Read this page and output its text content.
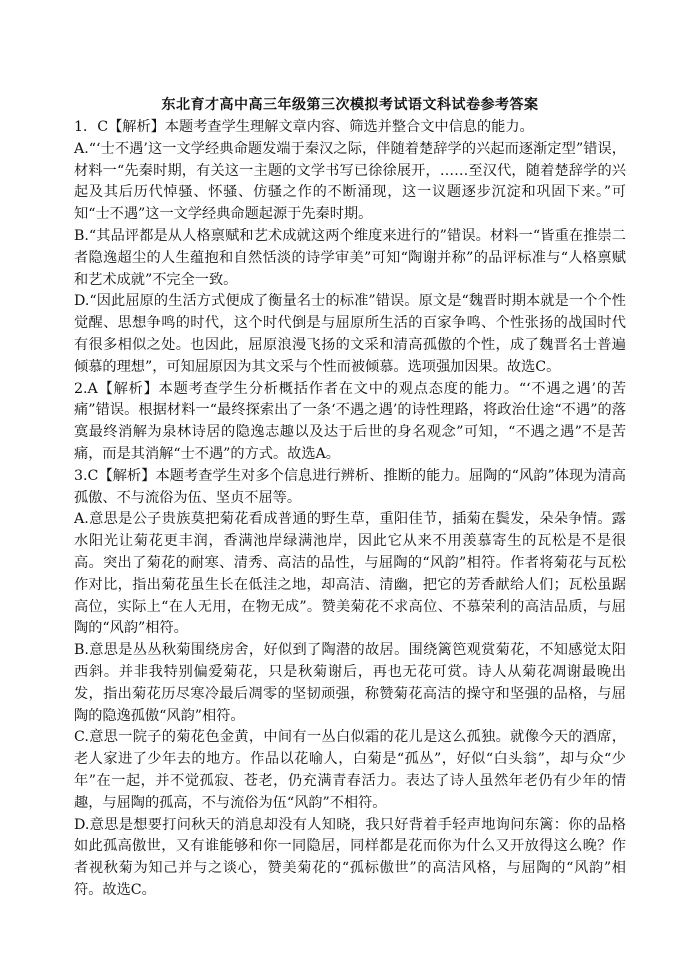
东北育才高中高三年级第三次模拟考试语文科试卷参考答案

1．C【解析】本题考查学生理解文章内容、筛选并整合文中信息的能力。

A.“‘士不遇’这一文学经典命题发端于秦汉之际，伴随着楚辞学的兴起而逐渐定型”错误，材料一“先秦时期，有关这一主题的文学书写已徐徐展开，……至汉代，随着楚辞学的兴起及其后历代悼骚、怀骚、仿骚之作的不断涌现，这一议题逐步沉淀和巩固下来。”可知“士不遇”这一文学经典命题起源于先秦时期。

B.“其品评都是从人格禀赋和艺术成就这两个维度来进行的”错误。材料一“皆重在推崇二者隐逸超尘的人生蕴抱和自然恬淡的诗学审美”可知“陶谢并称”的品评标准与“人格禀赋和艺术成就”不完全一致。

D.“因此屈原的生活方式便成了衡量名士的标准”错误。原文是“魏晋时期本就是一个个性觉醒、思想争鸣的时代，这个时代倒是与屈原所生活的百家争鸣、个性张扬的战国时代有很多相似之处。也因此，屈原浪漫飞扬的文采和清高孤傲的个性，成了魏晋名士普遍倾慕的理想”，可知屈原因为其文采与个性而被倾慕。选项强加因果。故选C。

2.A【解析】本题考查学生分析概括作者在文中的观点态度的能力。“‘不遇之遇’的苦痛”错误。根据材料一“最终探索出了一条‘不遇之遇’的诗性理路，将政治仕途“不遇”的落寞最终消解为泉林诗居的隐逸志趣以及达于后世的身名观念”可知，“不遇之遇”不是苦痛，而是其消解“士不遇”的方式。故选A。

3.C【解析】本题考查学生对多个信息进行辨析、推断的能力。屈陶的“风韵”体现为清高孤傲、不与流俗为伍、坚贞不屈等。

A.意思是公子贵族莫把菊花看成普通的野生草，重阳佳节，插菊在鬓发，朵朵争情。露水阳光让菊花更丰润，香满池岸绿满池岸，因此它从来不用羡慕寄生的瓦松是不是很高。突出了菊花的耐寒、清秀、高洁的品性，与屈陶的“风韵”相符。作者将菊花与瓦松作对比，指出菊花虽生长在低洼之地，却高洁、清幽，把它的芳香献给人们；瓦松虽踞高位，实际上“在人无用，在物无成”。赞美菊花不求高位、不慕荣利的高洁品质，与屈陶的“风韵”相符。

B.意思是丛丛秋菊围绕房舍，好似到了陶潜的故居。围绕篱笆观赏菊花，不知感觉太阳西斜。并非我特别偏爱菊花，只是秋菊谢后，再也无花可赏。诗人从菊花凋谢最晚出发，指出菊花历尽寒冷最后凋零的坚韧顽强，称赞菊花高洁的操守和坚强的品格，与屈陶的隐逸孤傲“风韵”相符。

C.意思一院子的菊花色金黄，中间有一丛白似霜的花儿是这么孤独。就像今天的酒席，老人家进了少年去的地方。作品以花喻人，白菊是“孤丛”，好似“白头翁”，却与众“少年”在一起，并不觉孤寂、苍老，仍充满青春活力。表达了诗人虽然年老仍有少年的情趣，与屈陶的孤高，不与流俗为伍“风韵”不相符。

D.意思是想要打问秋天的消息却没有人知晓，我只好背着手轻声地询问东篱：你的品格如此孤高傲世，又有谁能够和你一同隐居，同样都是花而你为什么又开放得这么晚？作者视秋菊为知己并与之谈心，赞美菊花的“孤标傲世”的高洁风格，与屈陶的“风韵”相符。故选C。
